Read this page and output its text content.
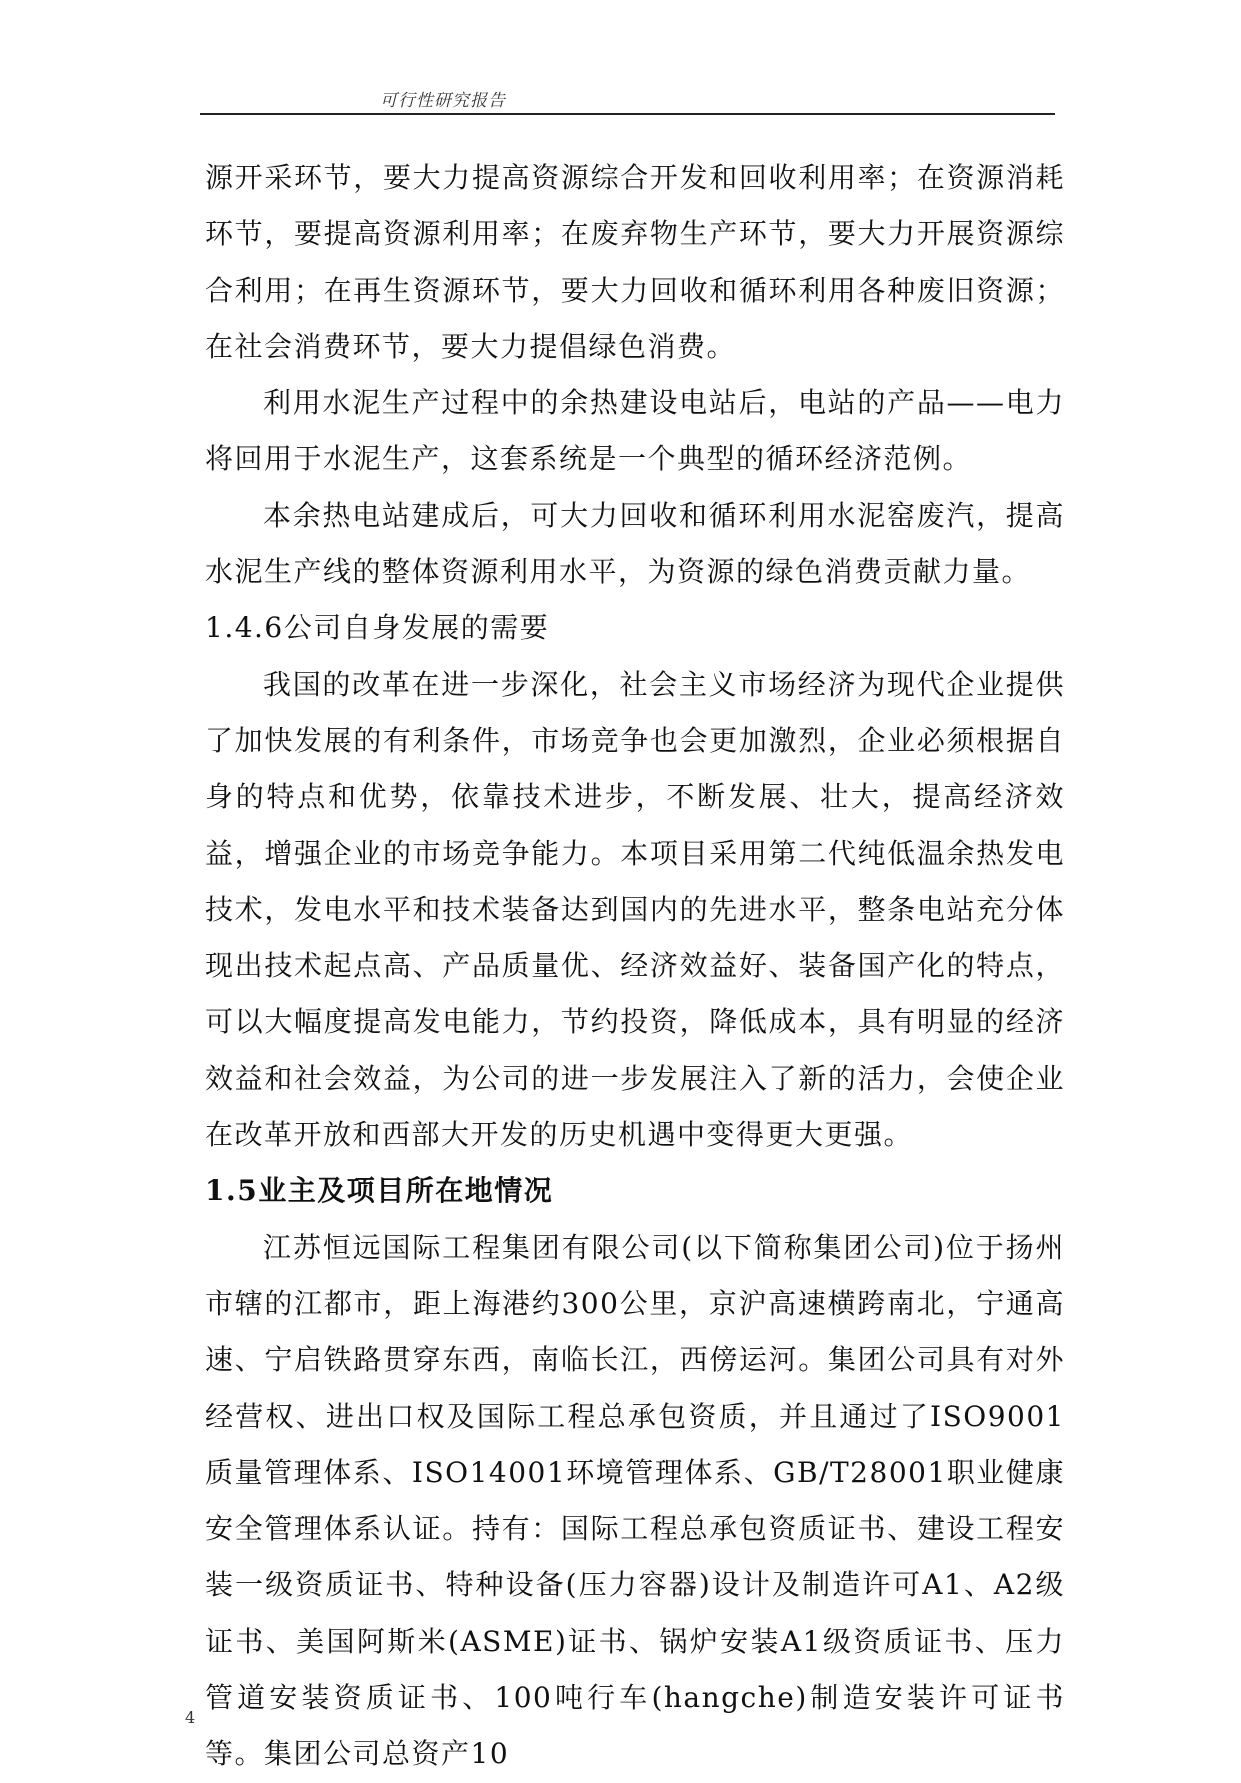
可行性研究报告

源开采环节，要大力提高资源综合开发和回收利用率；在资源消耗环节，要提高资源利用率；在废弃物生产环节，要大力开展资源综合利用；在再生资源环节，要大力回收和循环利用各种废旧资源；在社会消费环节，要大力提倡绿色消费。

利用水泥生产过程中的余热建设电站后，电站的产品——电力将回用于水泥生产，这套系统是一个典型的循环经济范例。

本余热电站建成后，可大力回收和循环利用水泥窑废汽，提高水泥生产线的整体资源利用水平，为资源的绿色消费贡献力量。

1.4.6公司自身发展的需要

我国的改革在进一步深化，社会主义市场经济为现代企业提供了加快发展的有利条件，市场竞争也会更加激烈，企业必须根据自身的特点和优势，依靠技术进步，不断发展、壮大，提高经济效益，增强企业的市场竞争能力。本项目采用第二代纯低温余热发电技术，发电水平和技术装备达到国内的先进水平，整条电站充分体现出技术起点高、产品质量优、经济效益好、装备国产化的特点，可以大幅度提高发电能力，节约投资，降低成本，具有明显的经济效益和社会效益，为公司的进一步发展注入了新的活力，会使企业在改革开放和西部大开发的历史机遇中变得更大更强。

1.5业主及项目所在地情况

江苏恒远国际工程集团有限公司(以下简称集团公司)位于扬州市辖的江都市，距上海港约300公里，京沪高速横跨南北，宁通高速、宁启铁路贯穿东西，南临长江，西傍运河。集团公司具有对外经营权、进出口权及国际工程总承包资质，并且通过了ISO9001质量管理体系、ISO14001环境管理体系、GB/T28001职业健康安全管理体系认证。持有：国际工程总承包资质证书、建设工程安装一级资质证书、特种设备(压力容器)设计及制造许可A1、A2级证书、美国阿斯米(ASME)证书、锅炉安装A1级资质证书、压力管道安装资质证书、100吨行车(hangche)制造安装许可证书等。集团公司总资产10

4
